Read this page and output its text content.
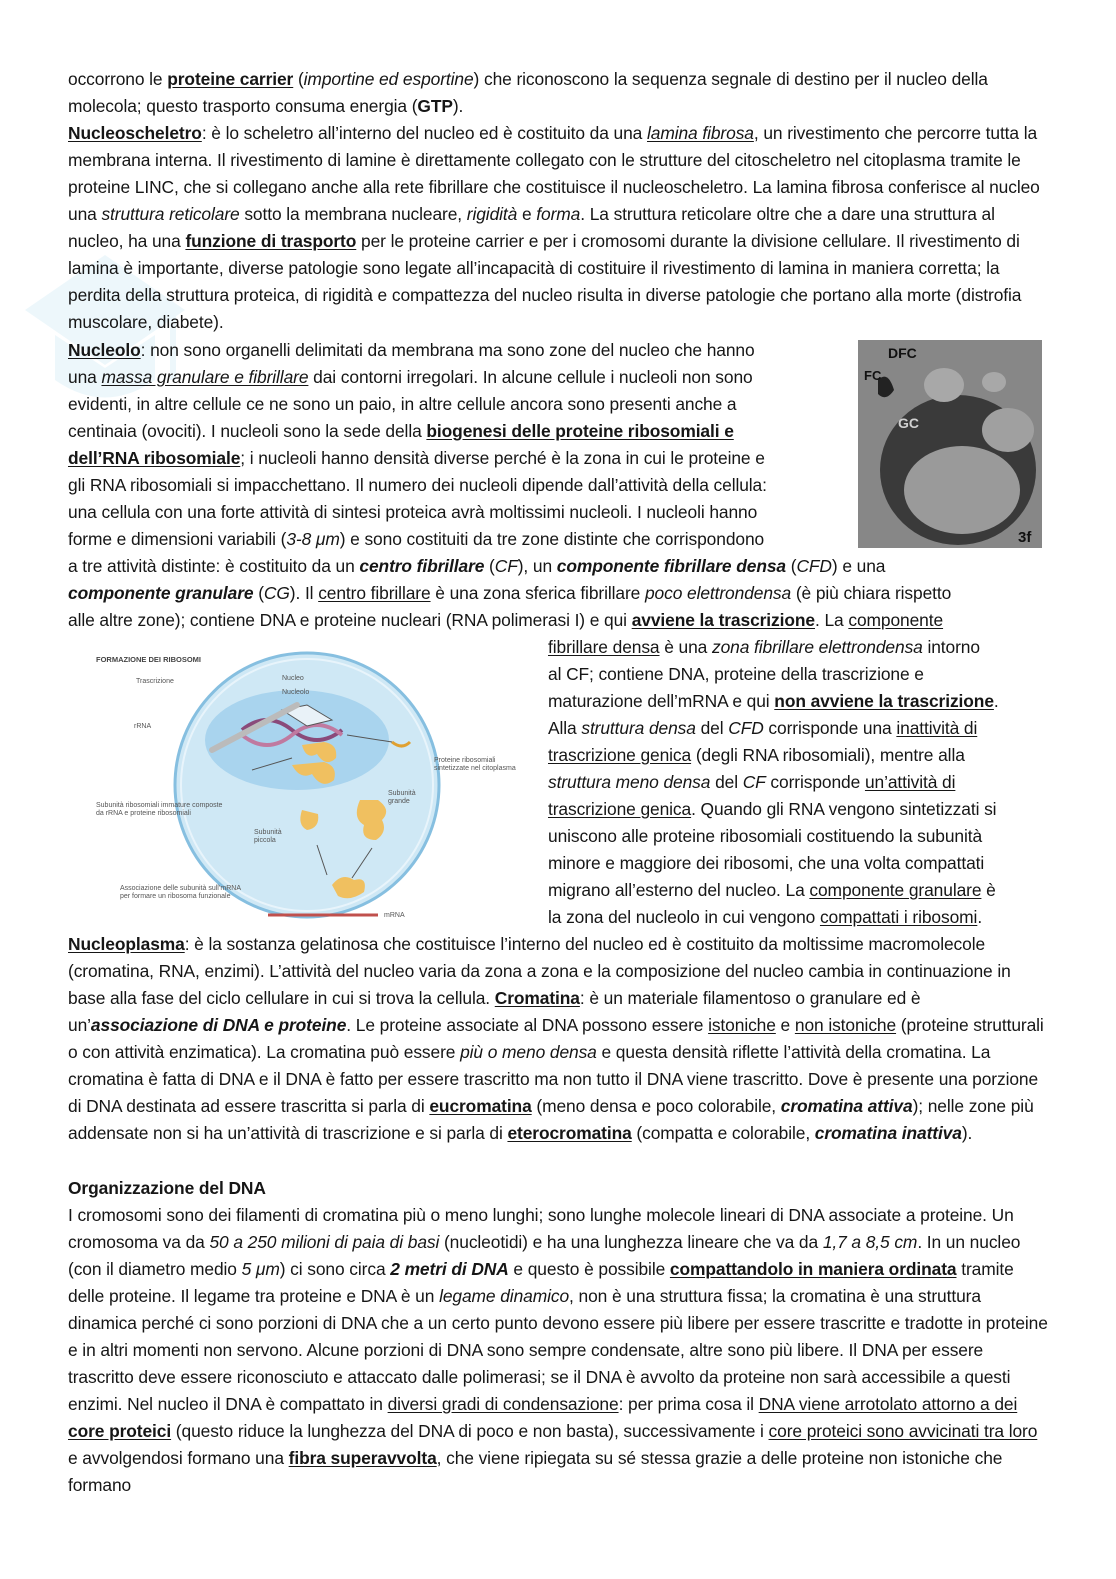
occorrono le proteine carrier (importine ed esportine) che riconoscono la sequenza segnale di destino per il nucleo della molecola; questo trasporto consuma energia (GTP).
Nucleoscheletro: è lo scheletro all’interno del nucleo ed è costituito da una lamina fibrosa, un rivestimento che percorre tutta la membrana interna. Il rivestimento di lamine è direttamente collegato con le strutture del citoscheletro nel citoplasma tramite le proteine LINC, che si collegano anche alla rete fibrillare che costituisce il nucleoscheletro. La lamina fibrosa conferisce al nucleo una struttura reticolare sotto la membrana nucleare, rigidità e forma. La struttura reticolare oltre che a dare una struttura al nucleo, ha una funzione di trasporto per le proteine carrier e per i cromosomi durante la divisione cellulare. Il rivestimento di lamina è importante, diverse patologie sono legate all’incapacità di costituire il rivestimento di lamina in maniera corretta; la perdita della struttura proteica, di rigidità e compattezza del nucleo risulta in diverse patologie che portano alla morte (distrofia muscolare, diabete).
Nucleolo: non sono organelli delimitati da membrana ma sono zone del nucleo che hanno
una massa granulare e fibrillare dai contorni irregolari. In alcune cellule i nucleoli non sono
evidenti, in altre cellule ce ne sono un paio, in altre cellule ancora sono presenti anche a
centinaia (ovociti). I nucleoli sono la sede della biogenesi delle proteine ribosomiali e
dell’RNA ribosomiale; i nucleoli hanno densità diverse perché è la zona in cui le proteine e
gli RNA ribosomiali si impacchettano. Il numero dei nucleoli dipende dall’attività della cellula:
una cellula con una forte attività di sintesi proteica avrà moltissimi nucleoli. I nucleoli hanno
forme e dimensioni variabili (3-8 μm) e sono costituiti da tre zone distinte che corrispondono
a tre attività distinte: è costituito da un centro fibrillare (CF), un componente fibrillare densa (CFD) e una
componente granulare (CG). Il centro fibrillare è una zona sferica fibrillare poco elettrondensa (è più chiara rispetto
alle altre zone); contiene DNA e proteine nucleari (RNA polimerasi I) e qui avviene la trascrizione. La componente
DFC
FC
GC
3f
FORMAZIONE DEI RIBOSOMI
Trascrizione
rRNA
Nucleo
Nucleolo
Proteine ribosomiali sintetizzate nel citoplasma
Subunità ribosomiali immature composte da rRNA e proteine ribosomiali
Subunità grande
Subunità piccola
Associazione delle subunità sull’mRNA per formare un ribosoma funzionale
mRNA
fibrillare densa è una zona fibrillare elettrondensa intorno
al CF; contiene DNA, proteine della trascrizione e
maturazione dell’mRNA e qui non avviene la trascrizione.
Alla struttura densa del CFD corrisponde una inattività di
trascrizione genica (degli RNA ribosomiali), mentre alla
struttura meno densa del CF corrisponde un’attività di
trascrizione genica. Quando gli RNA vengono sintetizzati si
uniscono alle proteine ribosomiali costituendo la subunità
minore e maggiore dei ribosomi, che una volta compattati
migrano all’esterno del nucleo. La componente granulare è
la zona del nucleolo in cui vengono compattati i ribosomi.
Nucleoplasma: è la sostanza gelatinosa che costituisce l’interno del nucleo ed è costituito da moltissime macromolecole (cromatina, RNA, enzimi). L’attività del nucleo varia da zona a zona e la composizione del nucleo cambia in continuazione in base alla fase del ciclo cellulare in cui si trova la cellula. Cromatina: è un materiale filamentoso o granulare ed è un’associazione di DNA e proteine. Le proteine associate al DNA possono essere istoniche e non istoniche (proteine strutturali o con attività enzimatica). La cromatina può essere più o meno densa e questa densità riflette l’attività della cromatina. La cromatina è fatta di DNA e il DNA è fatto per essere trascritto ma non tutto il DNA viene trascritto. Dove è presente una porzione di DNA destinata ad essere trascritta si parla di eucromatina (meno densa e poco colorabile, cromatina attiva); nelle zone più addensate non si ha un’attività di trascrizione e si parla di eterocromatina (compatta e colorabile, cromatina inattiva).
Organizzazione del DNA
I cromosomi sono dei filamenti di cromatina più o meno lunghi; sono lunghe molecole lineari di DNA associate a proteine. Un cromosoma va da 50 a 250 milioni di paia di basi (nucleotidi) e ha una lunghezza lineare che va da 1,7 a 8,5 cm. In un nucleo (con il diametro medio 5 μm) ci sono circa 2 metri di DNA e questo è possibile compattandolo in maniera ordinata tramite delle proteine. Il legame tra proteine e DNA è un legame dinamico, non è una struttura fissa; la cromatina è una struttura dinamica perché ci sono porzioni di DNA che a un certo punto devono essere più libere per essere trascritte e tradotte in proteine e in altri momenti non servono. Alcune porzioni di DNA sono sempre condensate, altre sono più libere. Il DNA per essere trascritto deve essere riconosciuto e attaccato dalle polimerasi; se il DNA è avvolto da proteine non sarà accessibile a questi enzimi. Nel nucleo il DNA è compattato in diversi gradi di condensazione: per prima cosa il DNA viene arrotolato attorno a dei core proteici (questo riduce la lunghezza del DNA di poco e non basta), successivamente i core proteici sono avvicinati tra loro e avvolgendosi formano una fibra superavvolta, che viene ripiegata su sé stessa grazie a delle proteine non istoniche che formano
